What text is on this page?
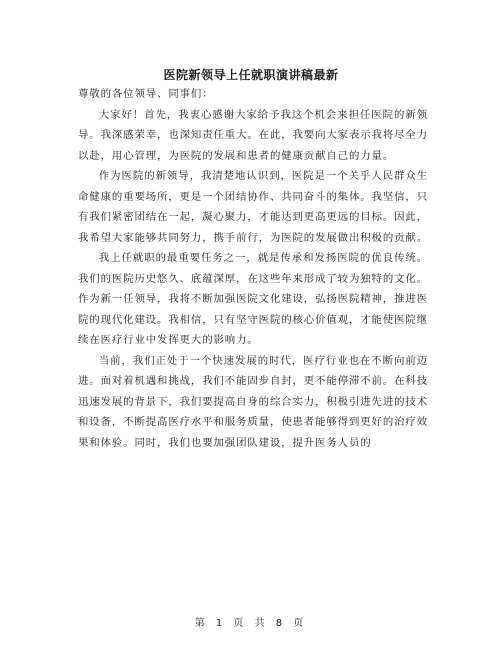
医院新领导上任就职演讲稿最新

尊敬的各位领导、同事们：

大家好！首先，我衷心感谢大家给予我这个机会来担任医院的新领导。我深感荣幸，也深知责任重大。在此，我要向大家表示我将尽全力以赴，用心管理，为医院的发展和患者的健康贡献自己的力量。

作为医院的新领导，我清楚地认识到，医院是一个关乎人民群众生命健康的重要场所，更是一个团结协作、共同奋斗的集体。我坚信，只有我们紧密团结在一起，凝心聚力，才能达到更高更远的目标。因此，我希望大家能够共同努力，携手前行，为医院的发展做出积极的贡献。

我上任就职的最重要任务之一，就是传承和发扬医院的优良传统。我们的医院历史悠久、底蕴深厚，在这些年来形成了较为独特的文化。作为新一任领导，我将不断加强医院文化建设，弘扬医院精神，推进医院的现代化建设。我相信，只有坚守医院的核心价值观，才能使医院继续在医疗行业中发挥更大的影响力。

当前，我们正处于一个快速发展的时代，医疗行业也在不断向前迈进。面对着机遇和挑战，我们不能固步自封，更不能停滞不前。在科技迅速发展的背景下，我们要提高自身的综合实力，积极引进先进的技术和设备，不断提高医疗水平和服务质量，使患者能够得到更好的治疗效果和体验。同时，我们也要加强团队建设，提升医务人员的

第 1 页 共 8 页
